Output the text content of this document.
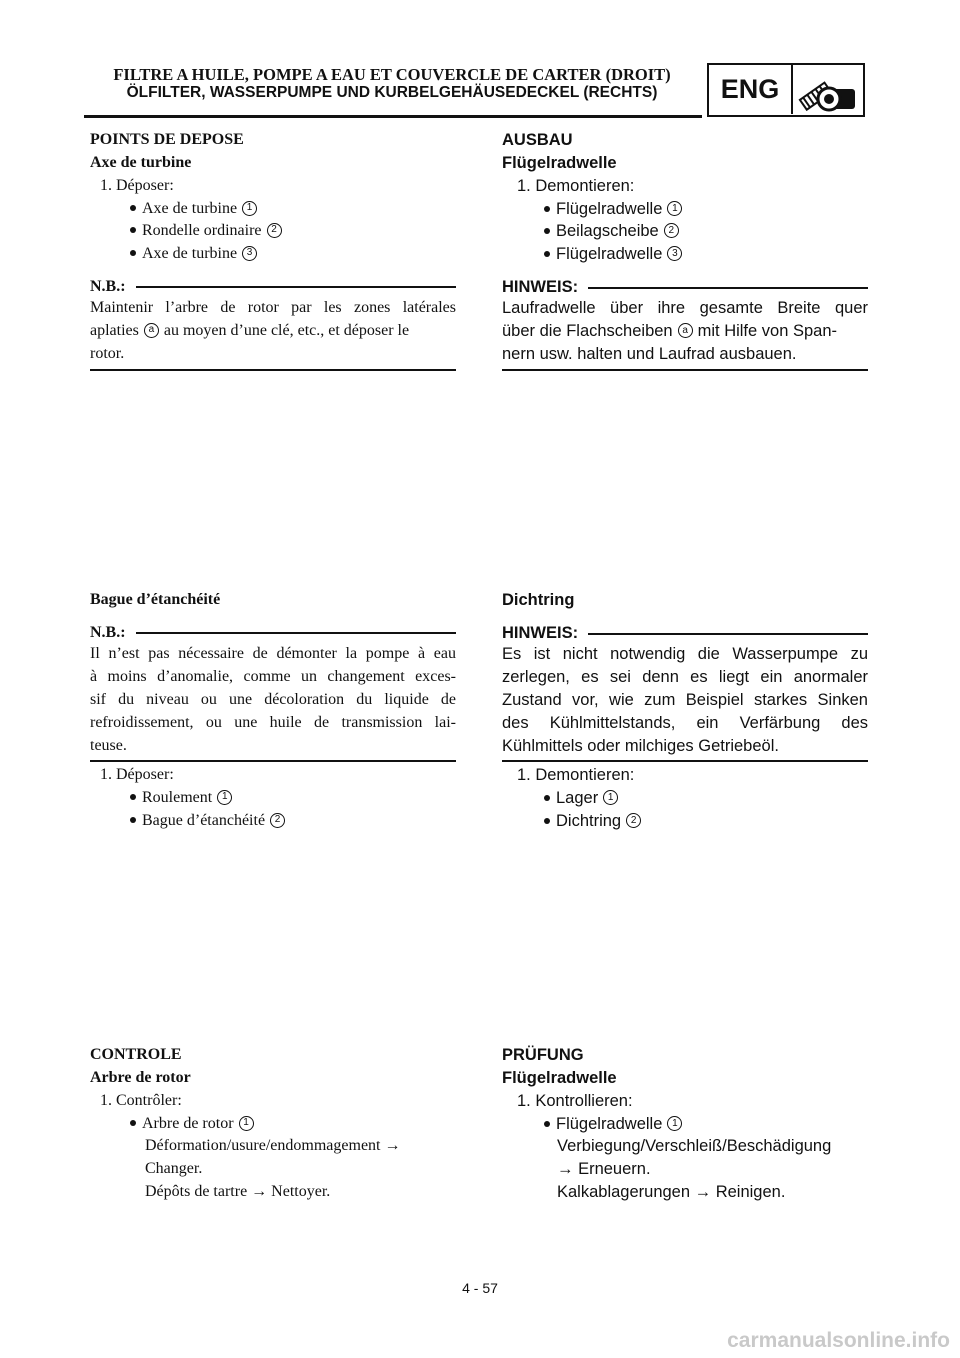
FILTRE A HUILE, POMPE A EAU ET COUVERCLE DE CARTER (DROIT)
ÖLFILTER, WASSERPUMPE UND KURBELGEHÄUSEDECKEL (RECHTS)	ENG
POINTS DE DEPOSE
Axe de turbine
1. Déposer:
Axe de turbine 1
Rondelle ordinaire 2
Axe de turbine 3
N.B.:
Maintenir l’arbre de rotor par les zones latérales
aplaties a au moyen d’une clé, etc., et déposer le
rotor.
Bague d’étanchéité
N.B.:
Il n’est pas nécessaire de démonter la pompe à eau
à moins d’anomalie, comme un changement exces-
sif du niveau ou une décoloration du liquide de
refroidissement, ou une huile de transmission lai-
teuse.
1. Déposer:
Roulement 1
Bague d’étanchéité 2
CONTROLE
Arbre de rotor
1. Contrôler:
Arbre de rotor 1
Déformation/usure/endommagement →
Changer.
Dépôts de tartre → Nettoyer.
AUSBAU
Flügelradwelle
1. Demontieren:
Flügelradwelle 1
Beilagscheibe 2
Flügelradwelle 3
HINWEIS:
Laufradwelle über ihre gesamte Breite quer
über die Flachscheiben a mit Hilfe von Span-
nern usw. halten und Laufrad ausbauen.
Dichtring
HINWEIS:
Es ist nicht notwendig die Wasserpumpe zu
zerlegen, es sei denn es liegt ein anormaler
Zustand vor, wie zum Beispiel starkes Sinken
des Kühlmittelstands, ein Verfärbung des
Kühlmittels oder milchiges Getriebeöl.
1. Demontieren:
Lager 1
Dichtring 2
PRÜFUNG
Flügelradwelle
1. Kontrollieren:
Flügelradwelle 1
Verbiegung/Verschleiß/Beschädigung
→ Erneuern.
Kalkablagerungen → Reinigen.
4 - 57
carmanualsonline.info
